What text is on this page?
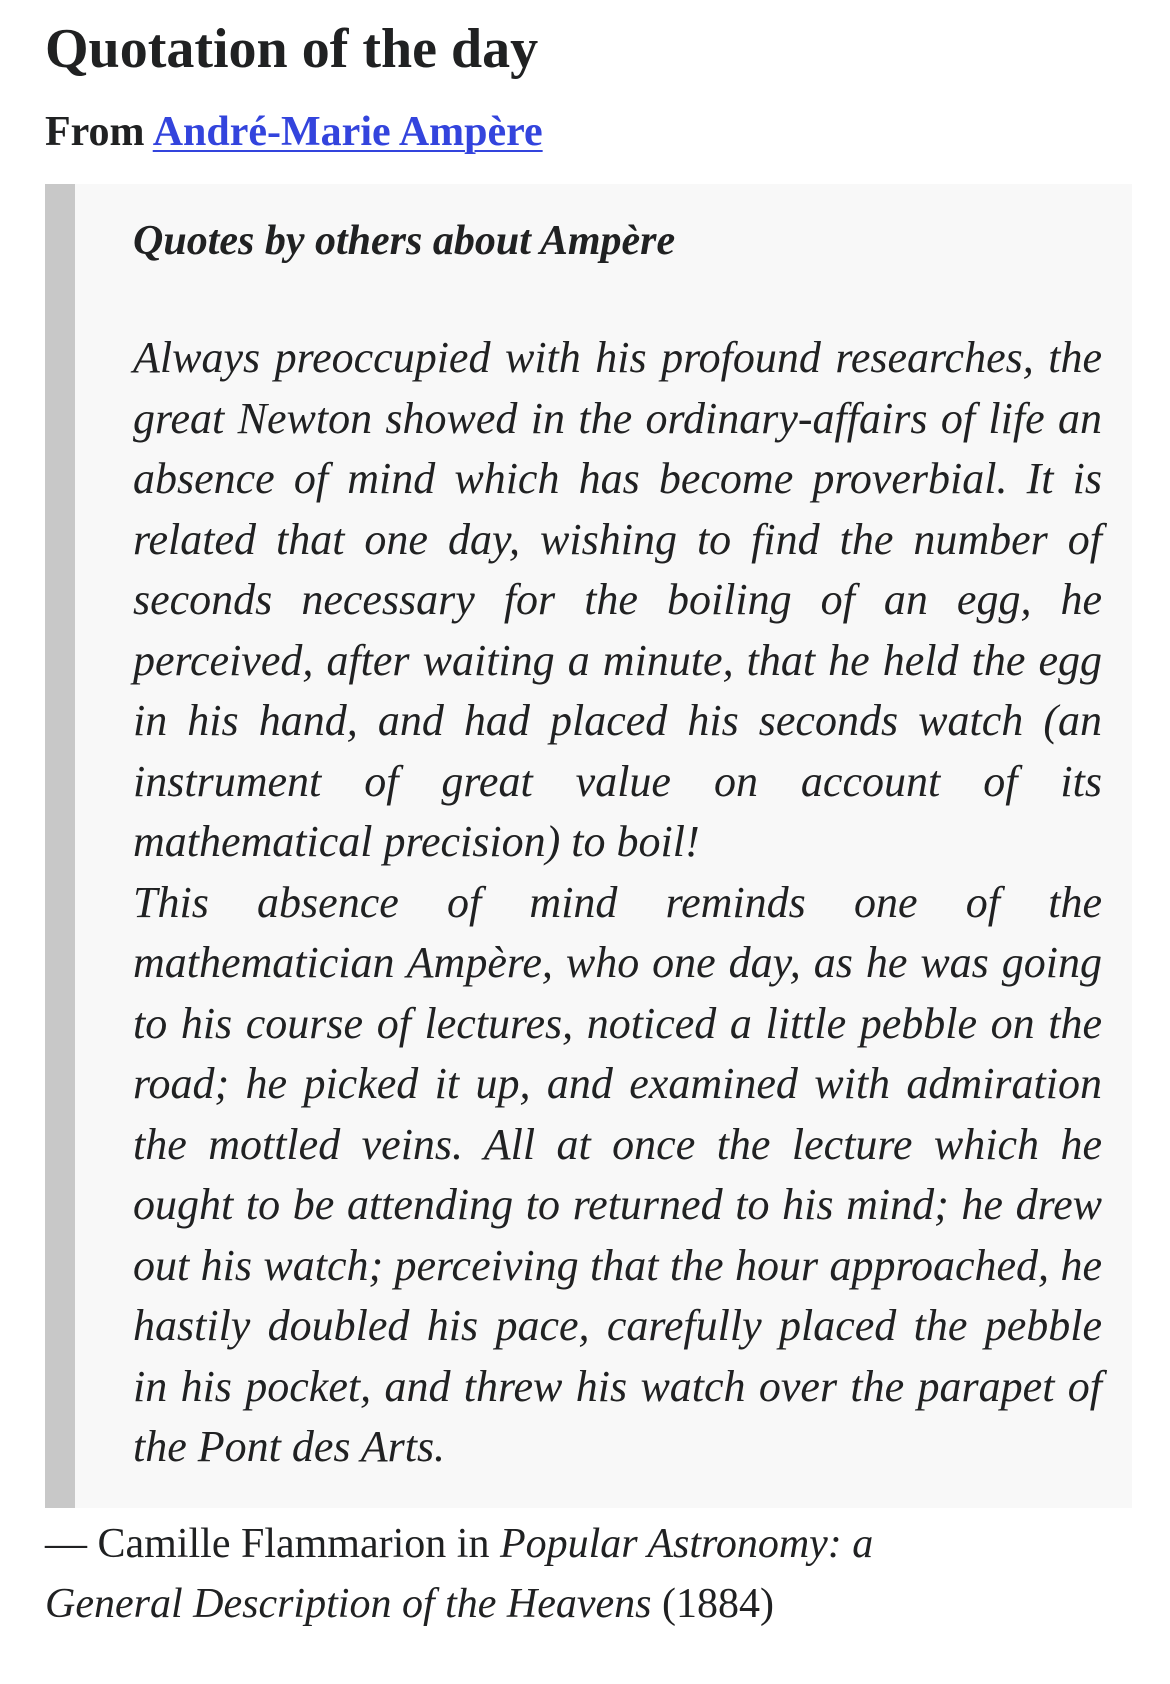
Quotation of the day
From André-Marie Ampère
Quotes by others about Ampère

Always preoccupied with his profound researches, the great Newton showed in the ordinary-affairs of life an absence of mind which has become proverbial. It is related that one day, wishing to find the number of seconds necessary for the boiling of an egg, he perceived, after waiting a minute, that he held the egg in his hand, and had placed his seconds watch (an instrument of great value on account of its mathematical precision) to boil!

This absence of mind reminds one of the mathematician Ampère, who one day, as he was going to his course of lectures, noticed a little pebble on the road; he picked it up, and examined with admiration the mottled veins. All at once the lecture which he ought to be attending to returned to his mind; he drew out his watch; perceiving that the hour approached, he hastily doubled his pace, carefully placed the pebble in his pocket, and threw his watch over the parapet of the Pont des Arts.

— Camille Flammarion in Popular Astronomy: a General Description of the Heavens (1884)
